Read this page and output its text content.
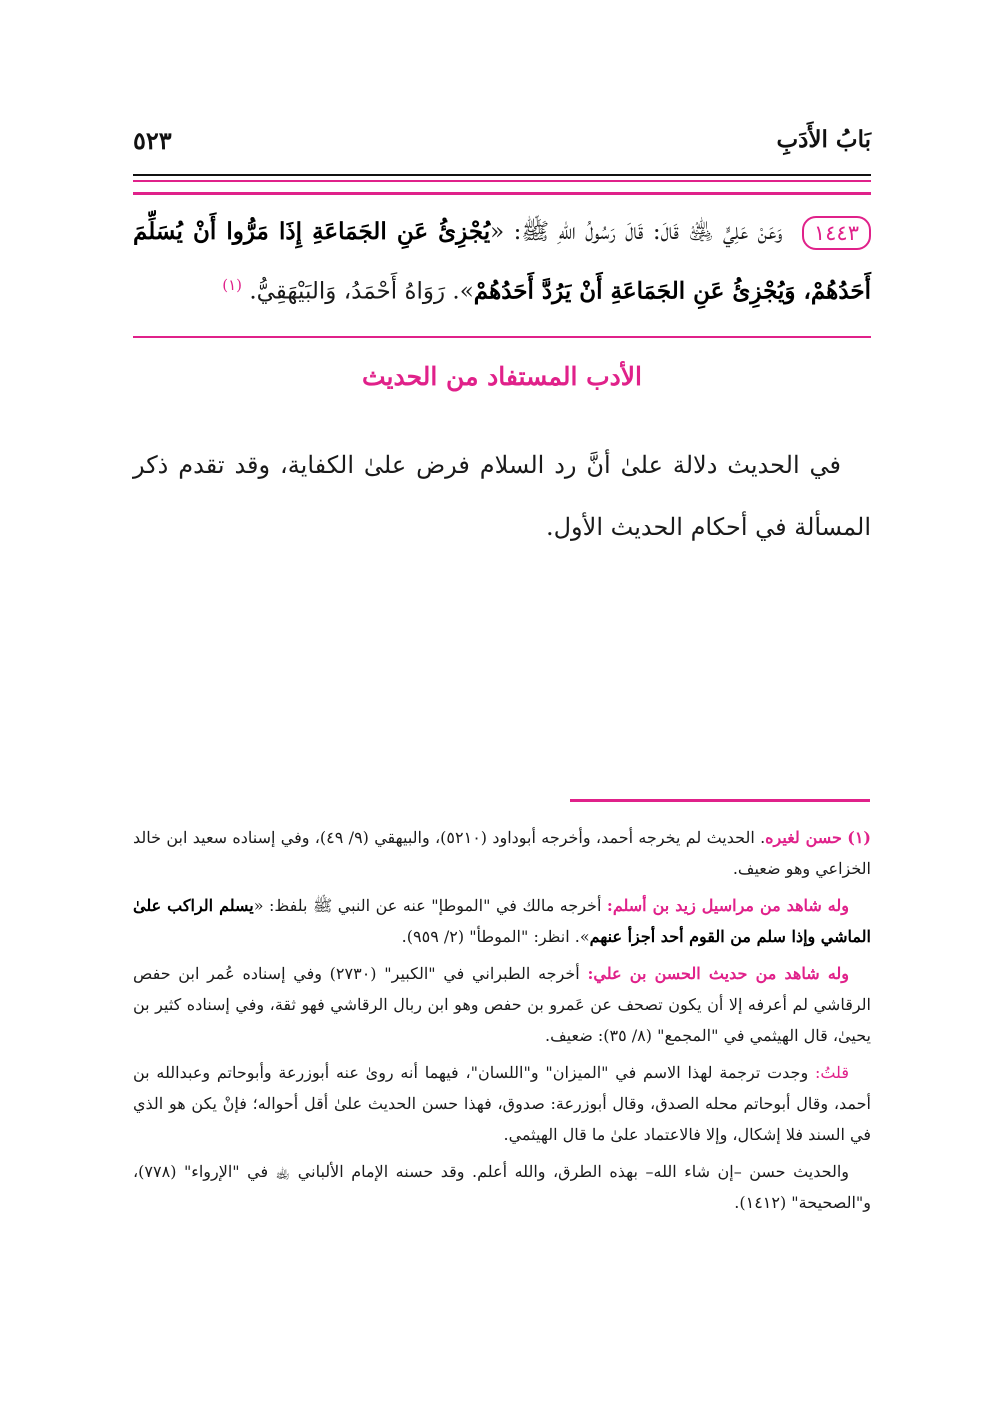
بَابُ الأَدَبِ
٥٢٣
١٤٤٣ وَعَنْ عَلِيٍّ ﵁ قَالَ: قَالَ رَسُولُ اللهِ ﷺ: «يُجْزِئُ عَنِ الجَمَاعَةِ إِذَا مَرُّوا أَنْ يُسَلِّمَ أَحَدُهُمْ، وَيُجْزِئُ عَنِ الجَمَاعَةِ أَنْ يَرُدَّ أَحَدُهُمْ». رَوَاهُ أَحْمَدُ، وَالبَيْهَقِيُّ. $^{(١)}$
الأدب المستفاد من الحديث

في الحديث دلالة علىٰ أنَّ رد السلام فرض علىٰ الكفاية، وقد تقدم ذكر المسألة في أحكام الحديث الأول.

(١) حسن لغيره. الحديث لم يخرجه أحمد، وأخرجه أبوداود (٥٢١٠)، والبيهقي (٩/ ٤٩)، وفي إسناده سعيد ابن خالد الخزاعي وهو ضعيف.

وله شاهد من مراسيل زيد بن أسلم: أخرجه مالك في "الموطإ" عنه عن النبي ﷺ بلفظ: «يسلم الراكب علىٰ الماشي وإذا سلم من القوم أحد أجزأ عنهم». انظر: "الموطأ" (٢/ ٩٥٩).

وله شاهد من حديث الحسن بن علي: أخرجه الطبراني في "الكبير" (٢٧٣٠) وفي إسناده عُمر ابن حفص الرقاشي لم أعرفه إلا أن يكون تصحف عن عَمرو بن حفص وهو ابن ربال الرقاشي فهو ثقة، وفي إسناده كثير بن يحيىٰ، قال الهيثمي في "المجمع" (٨/ ٣٥): ضعيف.

قلتُ: وجدت ترجمة لهذا الاسم في "الميزان" و"اللسان"، فيهما أنه روىٰ عنه أبوزرعة وأبوحاتم وعبدالله بن أحمد، وقال أبوحاتم محله الصدق، وقال أبوزرعة: صدوق، فهذا حسن الحديث علىٰ أقل أحواله؛ فإنْ يكن هو الذي في السند فلا إشكال، وإلا فالاعتماد علىٰ ما قال الهيثمي.

والحديث حسن –إن شاء الله– بهذه الطرق، والله أعلم. وقد حسنه الإمام الألباني ﵀ في "الإرواء" (٧٧٨)، و"الصحيحة" (١٤١٢).
